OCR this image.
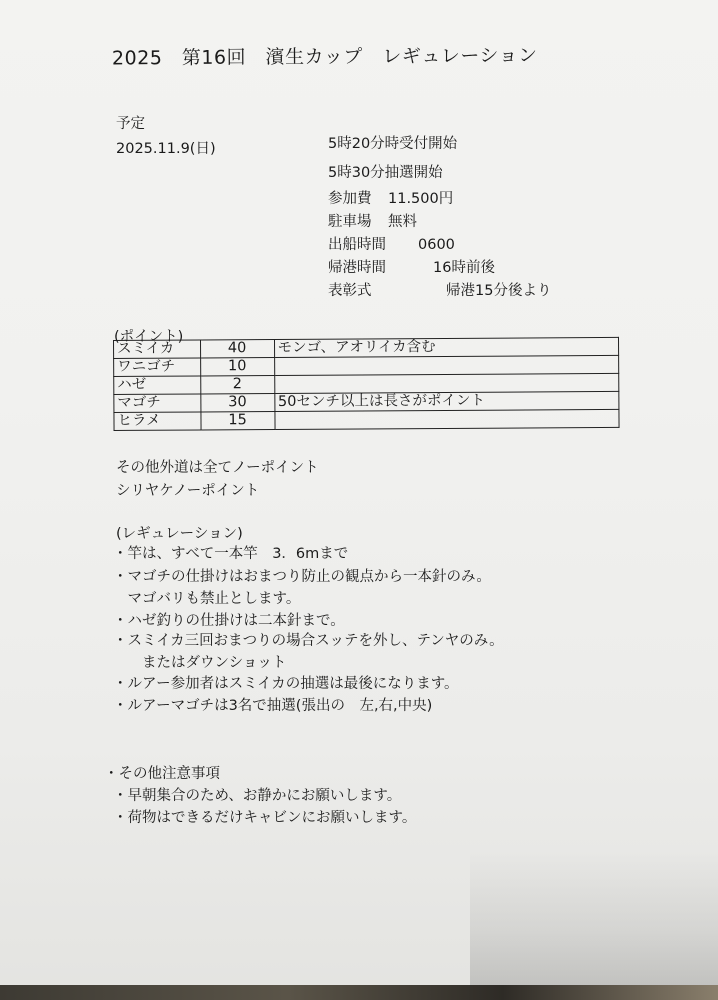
2025　第16回　濱生カップ　レギュレーション
予定
2025.11.9(日)	5時20分時受付開始
5時30分抽選開始
参加費 11.500円
駐車場 無料
出船時間 0600
帰港時間	16時前後
表彰式	帰港15分後より
(ポイント)
スミイカ	40	モンゴ、アオリイカ含む
ワニゴチ	10	
ハゼ	2	
マゴチ	30	50センチ以上は長さがポイント
ヒラメ	15	
その他外道は全てノーポイント
シリヤケノーポイント
(レギュレーション)
・竿は、すべて一本竿　3．6mまで
・マゴチの仕掛けはおまつり防止の観点から一本針のみ。
　マゴバリも禁止とします。
・ハゼ釣りの仕掛けは二本針まで。
・スミイカ三回おまつりの場合スッテを外し、テンヤのみ。
　　またはダウンショット
・ルアー参加者はスミイカの抽選は最後になります。
・ルアーマゴチは3名で抽選(張出の　左,右,中央)
・その他注意事項
・早朝集合のため、お静かにお願いします。
・荷物はできるだけキャビンにお願いします。
